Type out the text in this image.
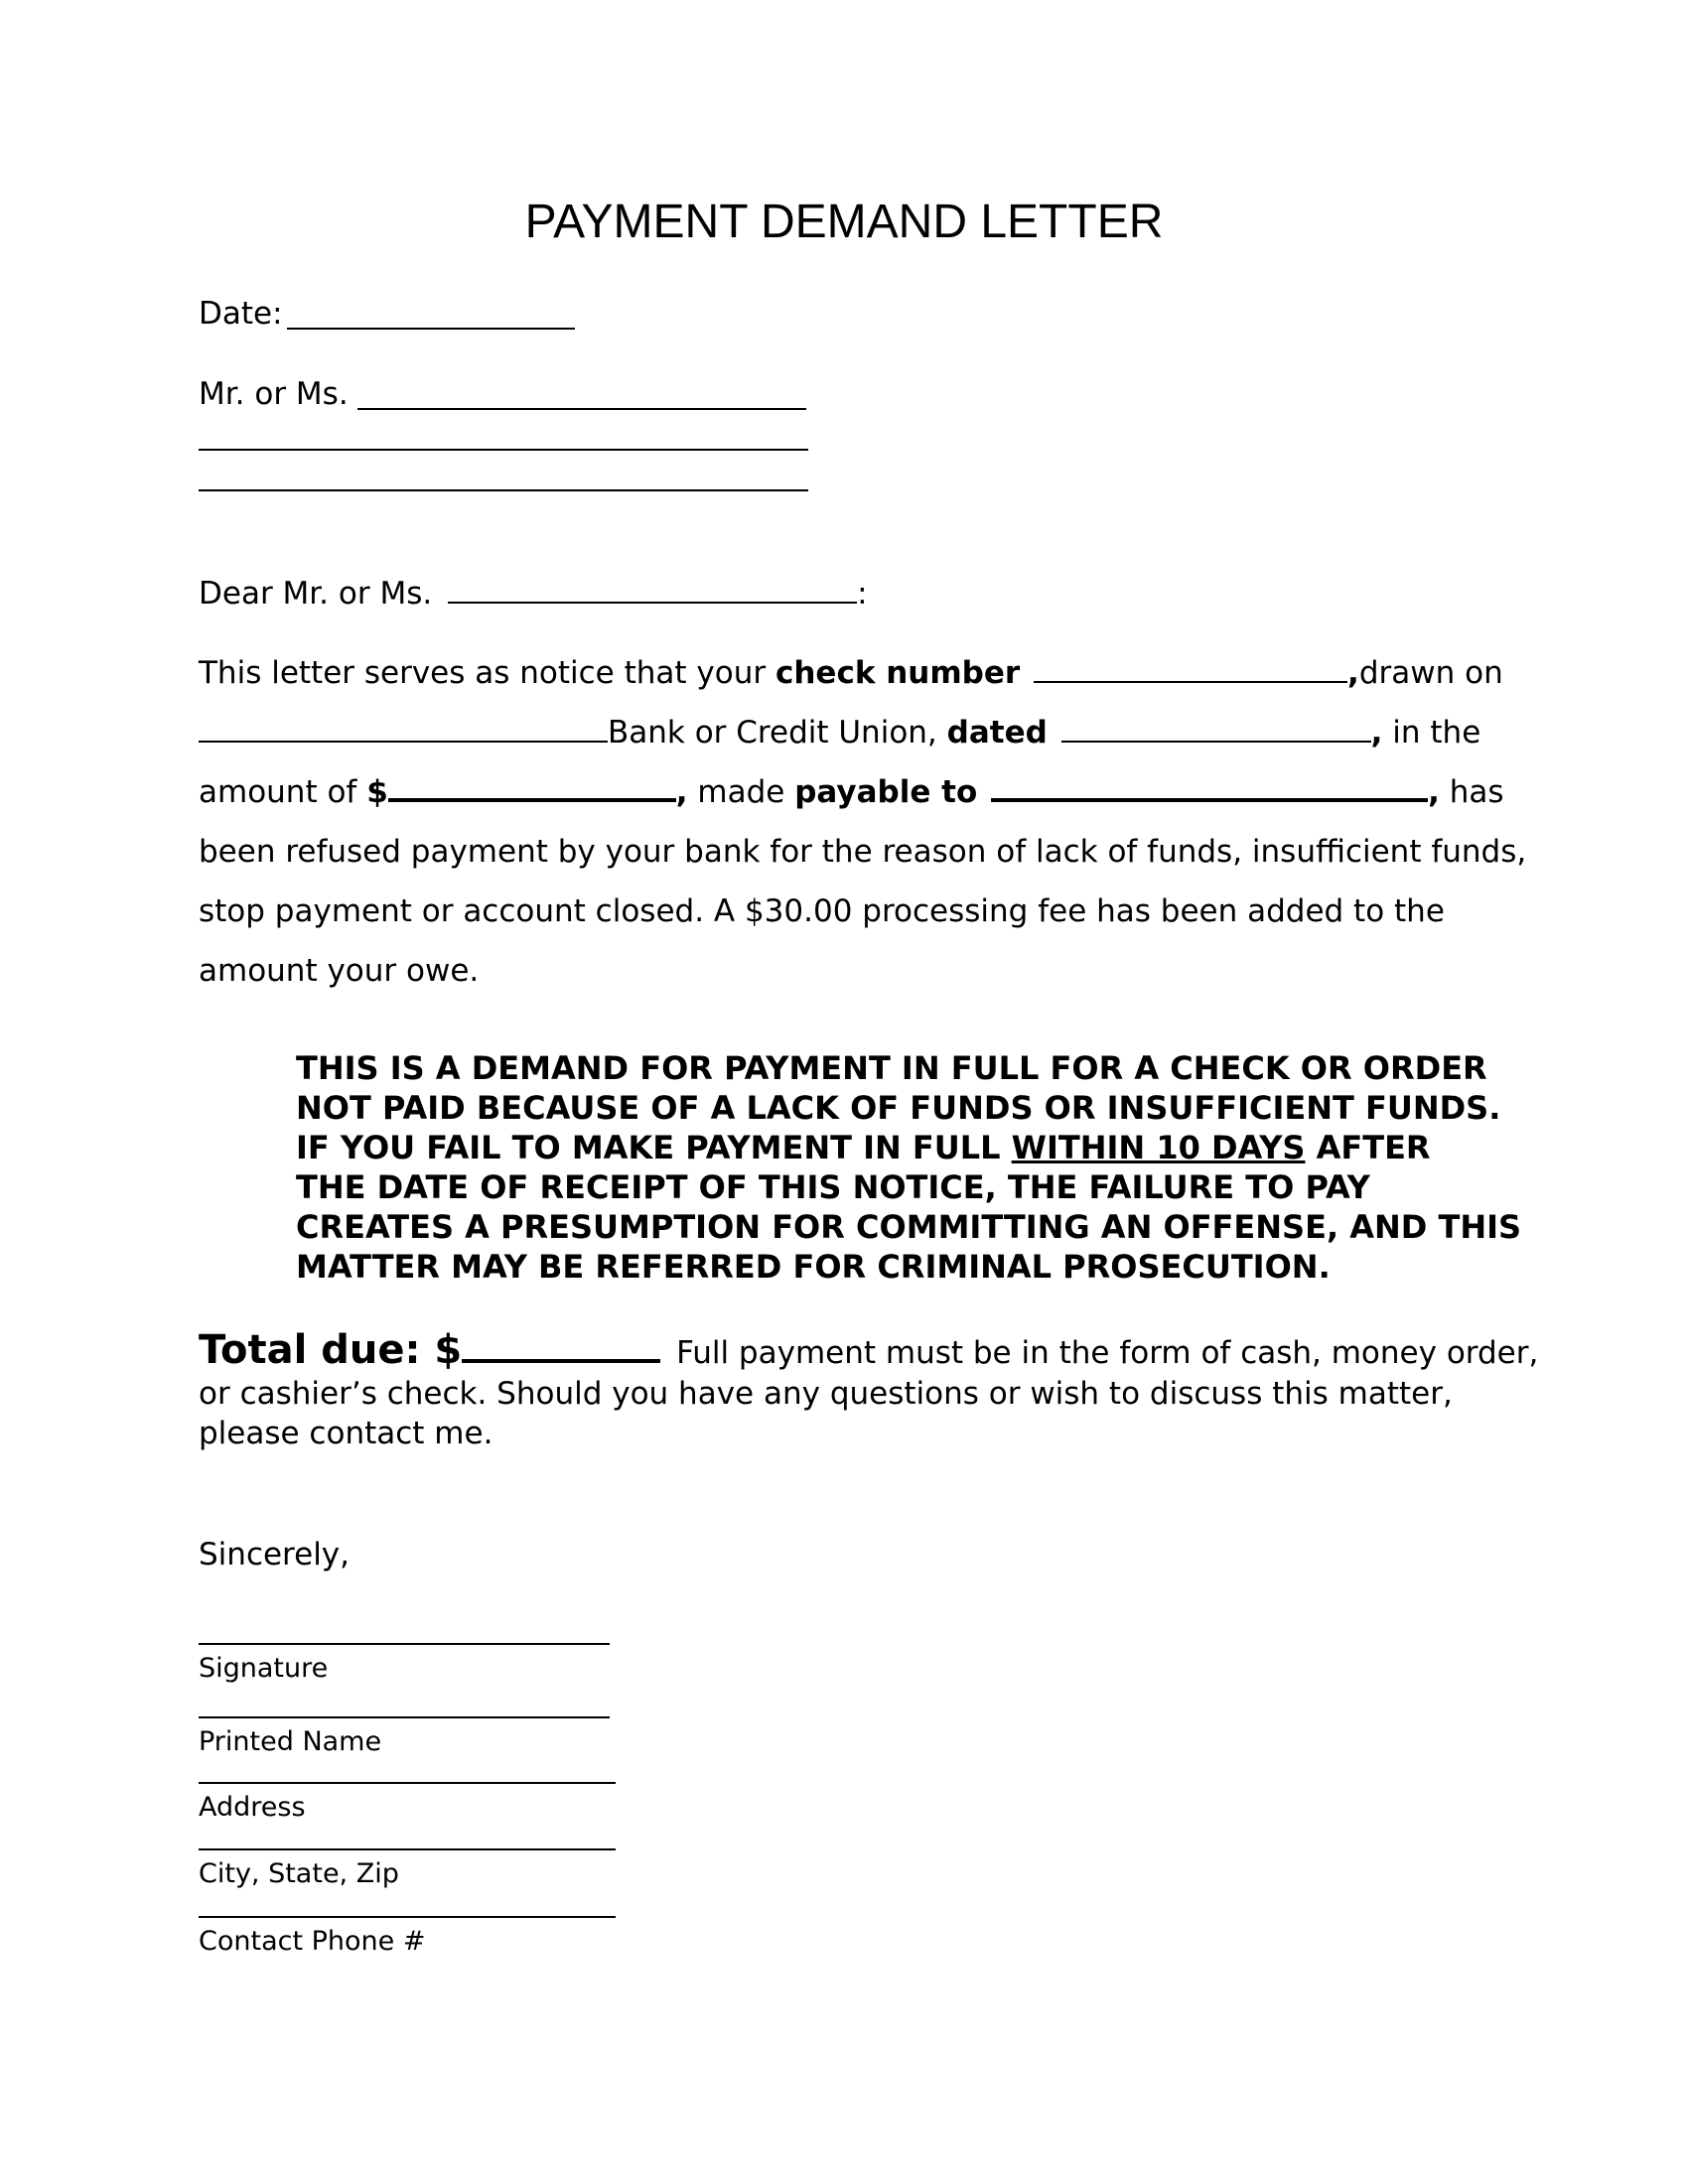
PAYMENT DEMAND LETTER
Date:
Mr. or Ms.
Dear Mr. or Ms.	:
This letter serves as notice that your check number	,drawn on
Bank or Credit Union, dated	, in the
amount of $	, made payable to	, has
been refused payment by your bank for the reason of lack of funds, insufficient funds,
stop payment or account closed. A $30.00 processing fee has been added to the
amount your owe.
THIS IS A DEMAND FOR PAYMENT IN FULL FOR A CHECK OR ORDER
NOT PAID BECAUSE OF A LACK OF FUNDS OR INSUFFICIENT FUNDS.
IF YOU FAIL TO MAKE PAYMENT IN FULL WITHIN 10 DAYS AFTER
THE DATE OF RECEIPT OF THIS NOTICE, THE FAILURE TO PAY
CREATES A PRESUMPTION FOR COMMITTING AN OFFENSE, AND THIS
MATTER MAY BE REFERRED FOR CRIMINAL PROSECUTION.
Total due: $	Full payment must be in the form of cash, money order,
or cashier’s check. Should you have any questions or wish to discuss this matter,
please contact me.
Sincerely,
Signature
Printed Name
Address
City, State, Zip
Contact Phone #
